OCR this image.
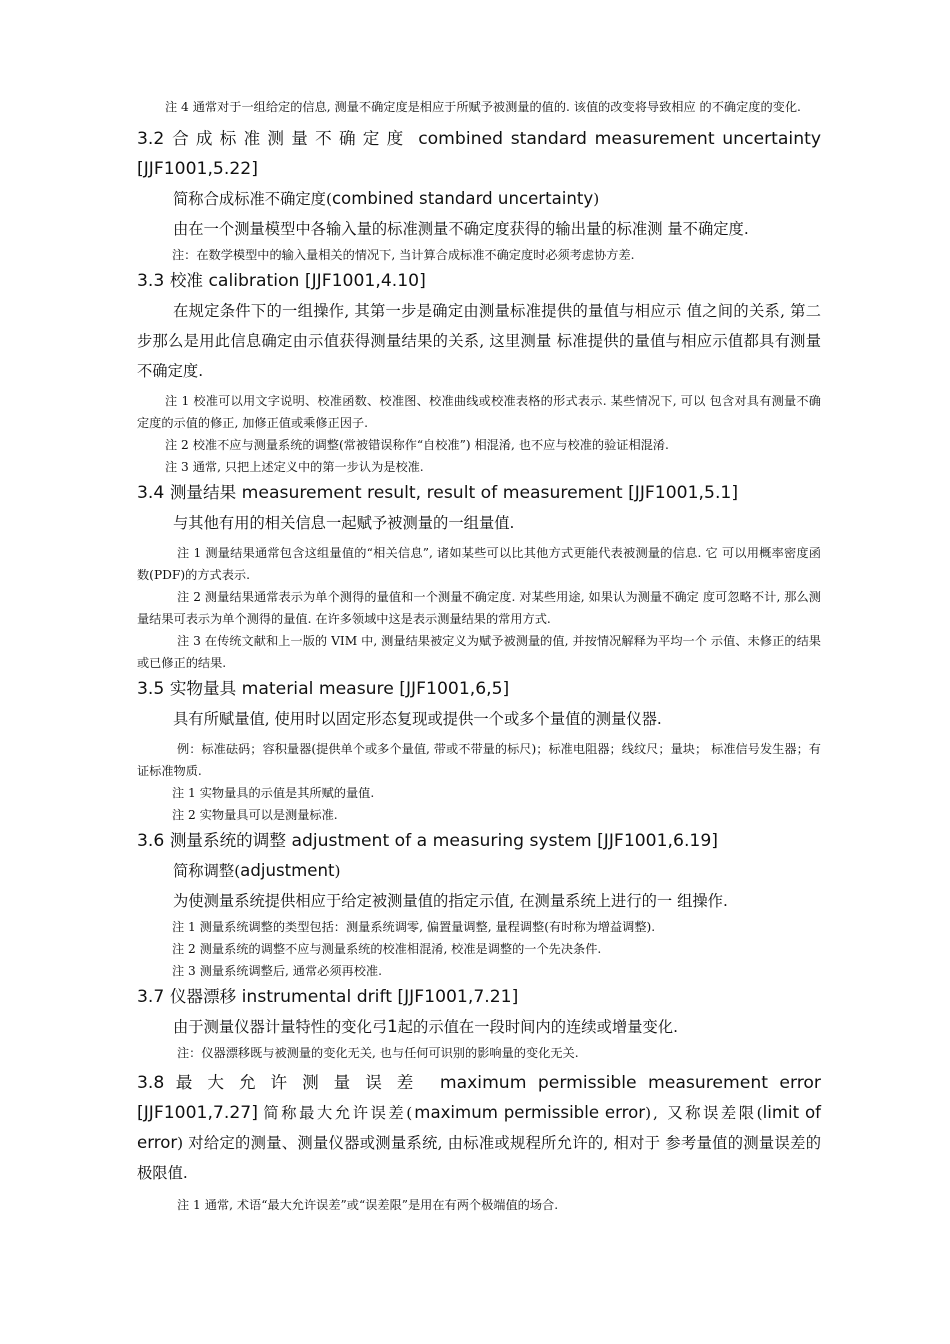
注 4 通常对于一组给定的信息, 测量不确定度是相应于所赋予被测量的值的. 该值的改变将导致相应 的不确定度的变化.

3.2 合成标准测量不确定度 combined standard measurement uncertainty [JJF1001,5.22]

简称合成标准不确定度(combined standard uncertainty)

由在一个测量模型中各输入量的标准测量不确定度获得的输出量的标准测 量不确定度.

注：在数学模型中的输入量相关的情况下, 当计算合成标准不确定度时必须考虑协方差.

3.3 校准 calibration [JJF1001,4.10]

在规定条件下的一组操作, 其第一步是确定由测量标准提供的量值与相应示 值之间的关系, 第二步那么是用此信息确定由示值获得测量结果的关系, 这里测量 标准提供的量值与相应示值都具有测量不确定度.

注 1 校准可以用文字说明、校准函数、校准图、校准曲线或校准表格的形式表示. 某些情况下, 可以 包含对具有测量不确定度的示值的修正, 加修正值或乘修正因子.

注 2 校准不应与测量系统的调整(常被错误称作“自校准”) 相混淆, 也不应与校准的验证相混淆.

注 3 通常, 只把上述定义中的第一步认为是校准.

3.4 测量结果 measurement result, result of measurement [JJF1001,5.1]

与其他有用的相关信息一起赋予被测量的一组量值.

注 1 测量结果通常包含这组量值的“相关信息”, 诸如某些可以比其他方式更能代表被测量的信息. 它 可以用概率密度函数(PDF)的方式表示.

注 2 测量结果通常表示为单个测得的量值和一个测量不确定度. 对某些用途, 如果认为测量不确定 度可忽略不计, 那么测量结果可表示为单个测得的量值. 在许多领域中这是表示测量结果的常用方式.

注 3 在传统文献和上一版的 VIM 中, 测量结果被定义为赋予被测量的值, 并按情况解释为平均一个 示值、未修正的结果或已修正的结果.

3.5 实物量具 material measure [JJF1001,6,5]

具有所赋量值, 使用时以固定形态复现或提供一个或多个量值的测量仪器.

例：标准砝码；容积量器(提供单个或多个量值, 带或不带量的标尺)；标准电阻器；线纹尺；量块； 标准信号发生器；有证标准物质.

注 1 实物量具的示值是其所赋的量值.

注 2 实物量具可以是测量标准.

3.6 测量系统的调整 adjustment of a measuring system [JJF1001,6.19]

简称调整(adjustment)

为使测量系统提供相应于给定被测量值的指定示值, 在测量系统上进行的一 组操作.

注 1 测量系统调整的类型包括：测量系统调零, 偏置量调整, 量程调整(有时称为增益调整).

注 2 测量系统的调整不应与测量系统的校准相混淆, 校准是调整的一个先决条件.

注 3 测量系统调整后, 通常必须再校准.

3.7 仪器漂移 instrumental drift [JJF1001,7.21]

由于测量仪器计量特性的变化弓1起的示值在一段时间内的连续或增量变化.

注：仪器漂移既与被测量的变化无关, 也与任何可识别的影响量的变化无关.

3.8 最大允许测量误差 maximum permissible measurement error

[JJF1001,7.27] 简称最大允许误差(maximum permissible error), 又称误差限(limit of error) 对给定的测量、测量仪器或测量系统, 由标准或规程所允许的, 相对于 参考量值的测量误差的极限值.

注 1 通常, 术语“最大允许误差”或“误差限”是用在有两个极端值的场合.
